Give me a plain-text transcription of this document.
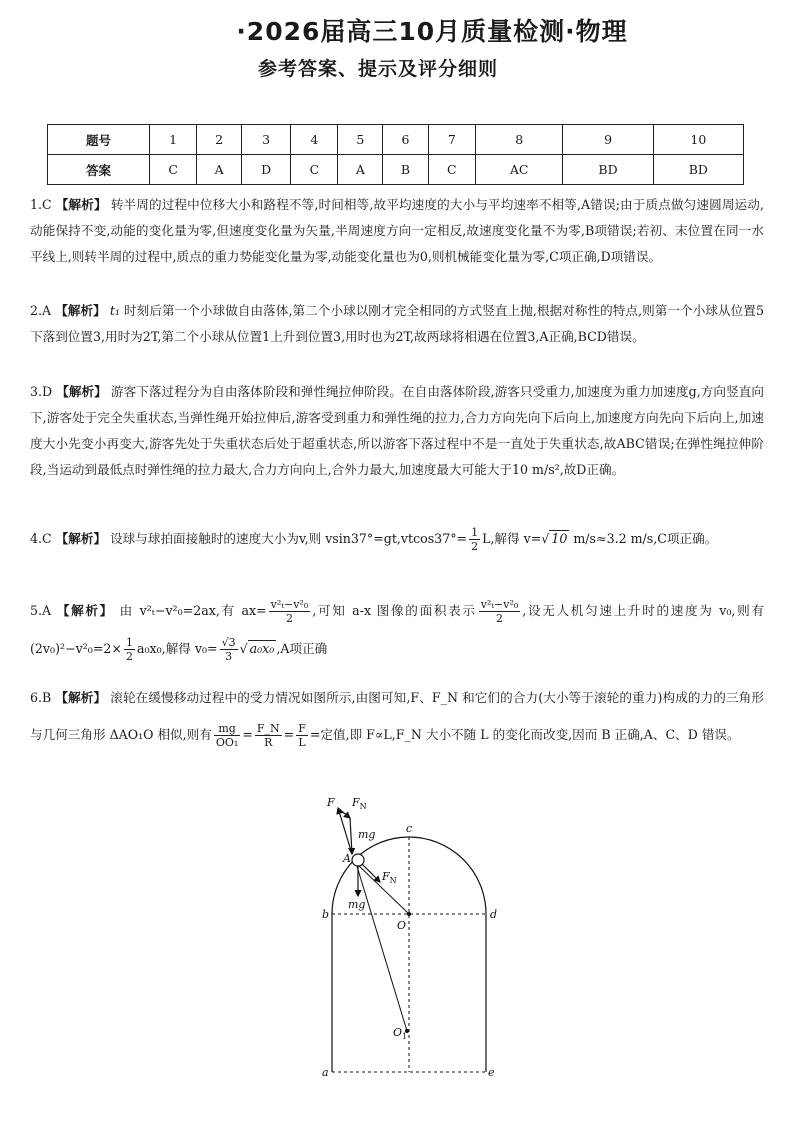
·2026届高三10月质量检测·物理
参考答案、提示及评分细则
题号	1	2	3	4	5	6	7	8	9	10
答案	C	A	D	C	A	B	C	AC	BD	BD
1.C 【解析】 转半周的过程中位移大小和路程不等,时间相等,故平均速度的大小与平均速率不相等,A错误;由于质点做匀速圆周运动,动能保持不变,动能的变化量为零,但速度变化量为矢量,半周速度方向一定相反,故速度变化量不为零,B项错误;若初、末位置在同一水平线上,则转半周的过程中,质点的重力势能变化量为零,动能变化量也为0,则机械能变化量为零,C项正确,D项错误。
2.A 【解析】 t₁ 时刻后第一个小球做自由落体,第二个小球以刚才完全相同的方式竖直上抛,根据对称性的特点,则第一个小球从位置5下落到位置3,用时为2T,第二个小球从位置1上升到位置3,用时也为2T,故两球将相遇在位置3,A正确,BCD错误。
3.D 【解析】 游客下落过程分为自由落体阶段和弹性绳拉伸阶段。在自由落体阶段,游客只受重力,加速度为重力加速度g,方向竖直向下,游客处于完全失重状态,当弹性绳开始拉伸后,游客受到重力和弹性绳的拉力,合力方向先向下后向上,加速度方向先向下后向上,加速度大小先变小再变大,游客先处于失重状态后处于超重状态,所以游客下落过程中不是一直处于失重状态,故ABC错误;在弹性绳拉伸阶段,当运动到最低点时弹性绳的拉力最大,合力方向向上,合外力最大,加速度最大可能大于10 m/s²,故D正确。
4.C 【解析】 设球与球拍面接触时的速度大小为v,则 $vsin37^\circ=gt,vtcos37^\circ= \frac{1}{2} L$,解得 v=√ 10 m/s≈3.2 m/s,C项正确。
5.A 【解析】 由 v²ₜ−v²₀=2ax,有 $ax= \frac{\text{v²ₜ−v²₀}}{2}$ ,可知 a-x 图像的面积表示 $\frac{\text{v²ₜ−v²₀}}{2}$ ,设无人机匀速上升时的速度为 v₀,则有$(2v_0)^2-v^2_0=2\times \frac{1}{2} a_0x_0$,解得 $v_0= \frac{√3}{3}$ √ a₀x₀ ,A项正确
6.B 【解析】 滚轮在缓慢移动过程中的受力情况如图所示,由图可知,F、F_N 和它们的合力(大小等于滚轮的重力)构成的力的三角形与几何三角形 ΔAO₁O 相似,则有 $\frac{mg}{\text{OO₁}} = \frac{F\_N}{R} = \frac{F}{L}$ =定值,即 F∝L,F_N 大小不随 L 的变化而改变,因而 B 正确,A、C、D 错误。
F $F_N$
mg
A
$F_N$
mg
c
b	d
O
$O_1$
a	e
